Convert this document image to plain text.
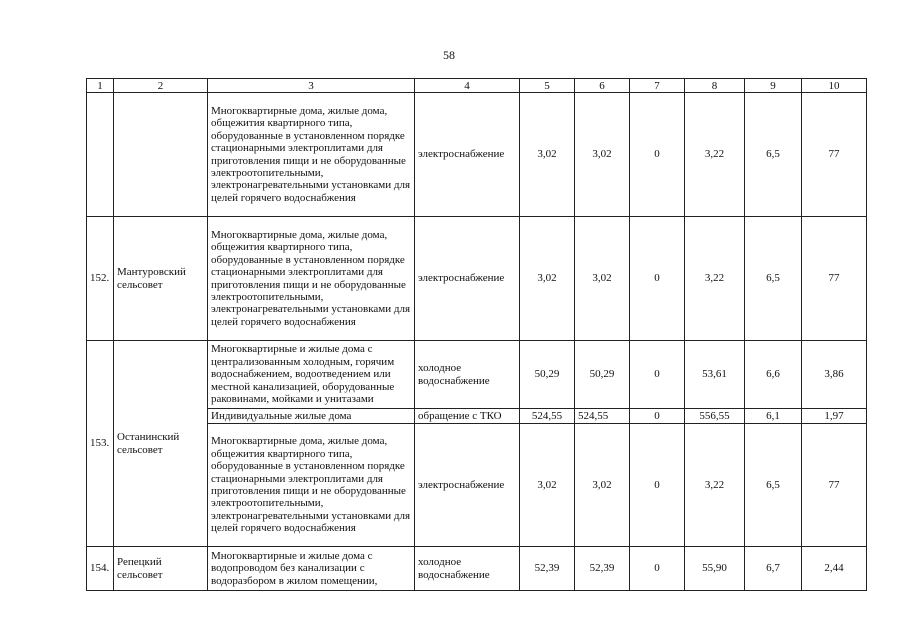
58
1	2	3	4	5	6	7	8	9	10
		Многоквартирные дома, жилые дома, общежития квартирного типа, оборудованные в установленном порядке стационарными электроплитами для приготовления пищи и не оборудованные электроотопительными, электронагревательными установками для целей горячего водоснабжения	электроснабжение	3,02	3,02	0	3,22	6,5	77
152.	Мантуровский сельсовет	Многоквартирные дома, жилые дома, общежития квартирного типа, оборудованные в установленном порядке стационарными электроплитами для приготовления пищи и не оборудованные электроотопительными, электронагревательными установками для целей горячего водоснабжения	электроснабжение	3,02	3,02	0	3,22	6,5	77
153.	Останинский сельсовет	Многоквартирные и жилые дома с централизованным холодным, горячим водоснабжением, водоотведением или местной канализацией, оборудованные раковинами, мойками и унитазами	холодное водоснабжение	50,29	50,29	0	53,61	6,6	3,86
		Индивидуальные жилые дома	обращение с ТКО	524,55	524,55	0	556,55	6,1	1,97
		Многоквартирные дома, жилые дома, общежития квартирного типа, оборудованные в установленном порядке стационарными электроплитами для приготовления пищи и не оборудованные электроотопительными, электронагревательными установками для целей горячего водоснабжения	электроснабжение	3,02	3,02	0	3,22	6,5	77
154.	Репецкий сельсовет	Многоквартирные и жилые дома с водопроводом без канализации с водоразбором в жилом помещении,	холодное водоснабжение	52,39	52,39	0	55,90	6,7	2,44
